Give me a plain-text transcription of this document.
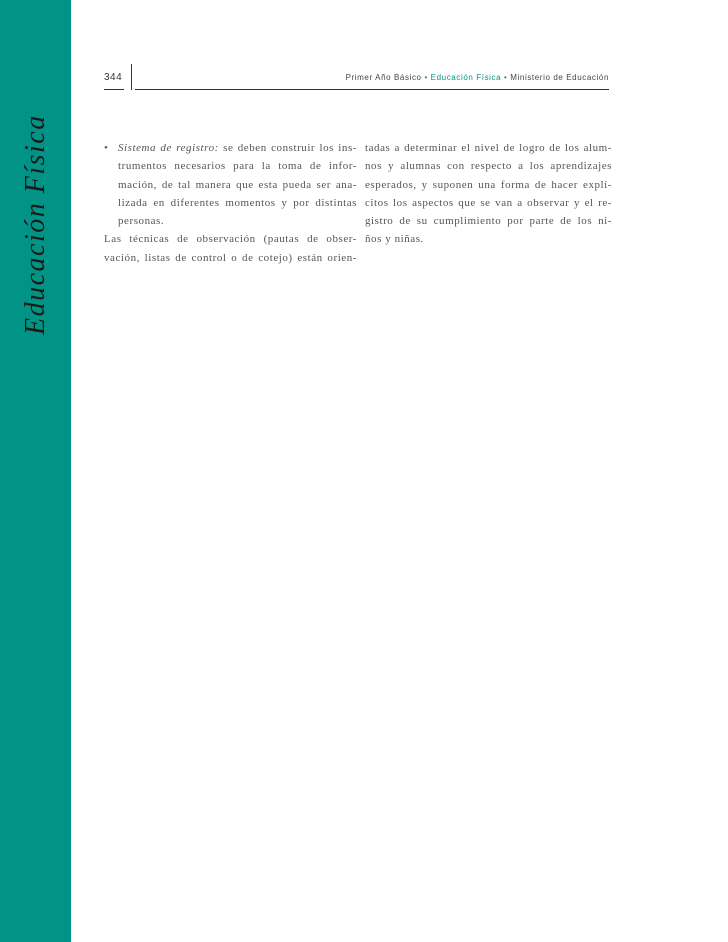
Educación Física
344	Primer Año Básico • Educación Física • Ministerio de Educación
• Sistema de registro: se deben construir los ins-
trumentos necesarios para la toma de infor-
mación, de tal manera que esta pueda ser ana-
lizada en diferentes momentos y por distintas
personas.
Las técnicas de observación (pautas de obser-
vación, listas de control o de cotejo) están orien-
tadas a determinar el nivel de logro de los alum-
nos y alumnas con respecto a los aprendizajes
esperados, y suponen una forma de hacer explí-
citos los aspectos que se van a observar y el re-
gistro de su cumplimiento por parte de los ni-
ños y niñas.
